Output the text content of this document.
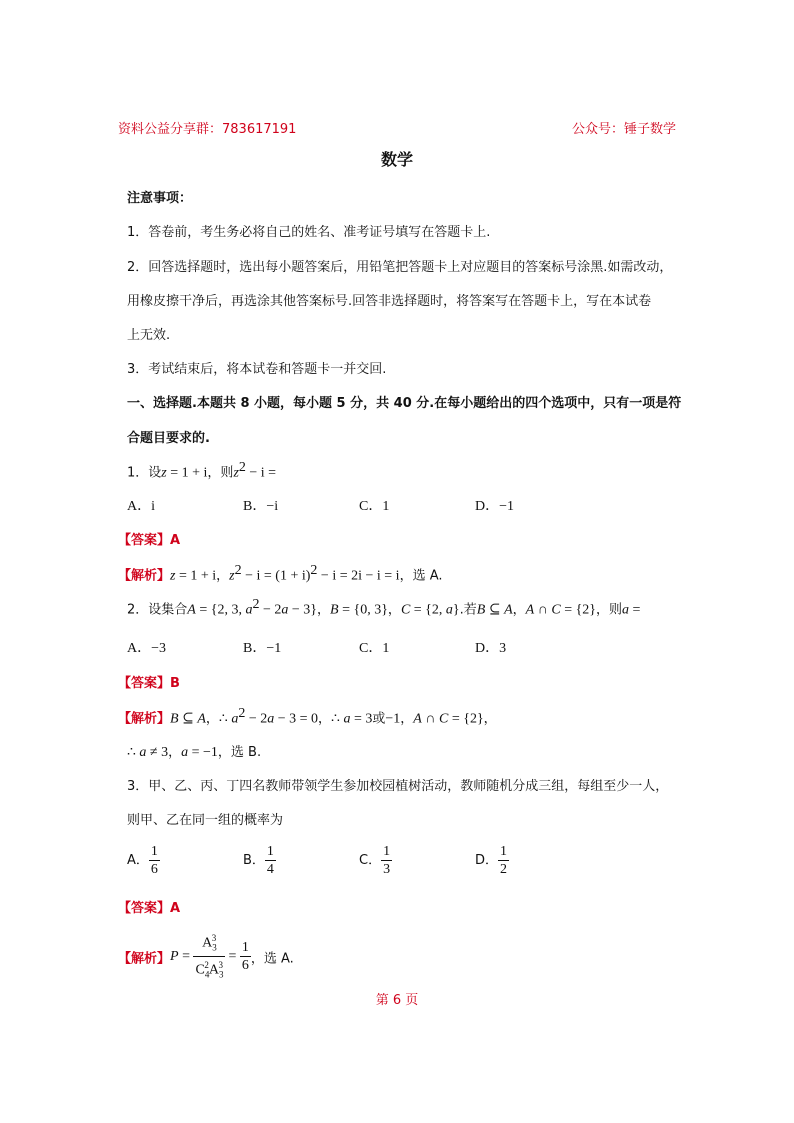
资料公益分享群：783617191	公众号：锤子数学
数学
注意事项：
1．答卷前，考生务必将自己的姓名、准考证号填写在答题卡上.
2．回答选择题时，选出每小题答案后，用铅笔把答题卡上对应题目的答案标号涂黑.如需改动，
用橡皮擦干净后，再选涂其他答案标号.回答非选择题时，将答案写在答题卡上，写在本试卷
上无效.
3．考试结束后，将本试卷和答题卡一并交回.
一、选择题.本题共 8 小题，每小题 5 分，共 40 分.在每小题给出的四个选项中，只有一项是符
合题目要求的.
1．设z = 1 + i，则$z^2 - i$ =
A．i	B．−i	C．1	D．−1
【答案】A
【解析】z = 1 + i，$z^2 - i = (1 + i)^2 - i = 2i - i = i$，选 A.
2．设集合A = {2, 3, $a^2 - 2a - 3$}，B = {0, 3}，C = {2, a}.若B ⊆ A，A ∩ C = {2}，则a =
A．−3	B．−1	C．1	D．3
【答案】B
【解析】B ⊆ A，∴ $a^2 - 2a - 3 = 0$，∴ a = 3或−1，A ∩ C = {2}，
∴ a ≠ 3，a = −1，选 B.
3．甲、乙、丙、丁四名教师带领学生参加校园植树活动，教师随机分成三组，每组至少一人，
则甲、乙在同一组的概率为
A． $\frac{1}{6}$	B． $\frac{1}{4}$	C． $\frac{1}{3}$	D． $\frac{1}{2}$
【答案】A
【解析】$P = \frac{A_3^3}{C_4^2A_3^3} = \frac{1}{6}$ ，选 A.
第 6 页
